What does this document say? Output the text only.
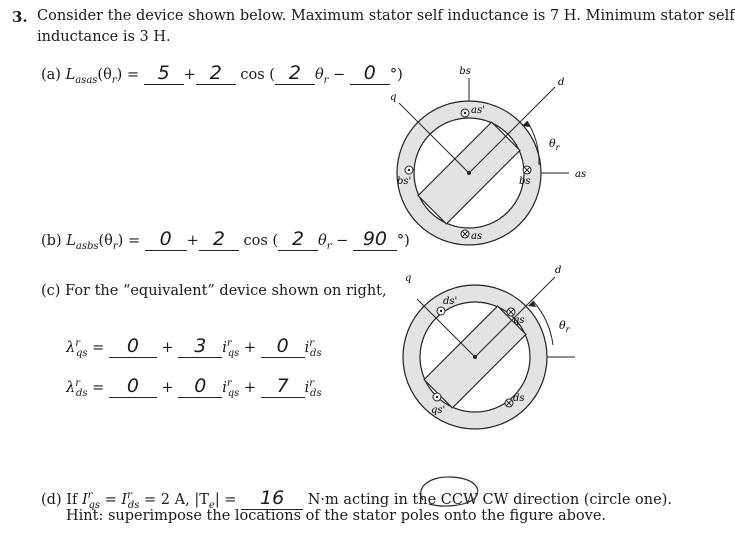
3. Consider the device shown below. Maximum stator self inductance is 7 H. Minimum stator self
inductance is 3 H.
(a) $L_{asas}(\theta_r) = 5 + 2$ cos ( 2 $\theta_r - 0$ °)
(b) $L_{asbs}(\theta_r) = 0 + 2$ cos ( 2 $\theta_r - 90$ °)
(c) For the “equivalent” device shown on right,
$\lambda^r_{qs} = 0 + 3$ $i^r_{qs} + 0$ $i^r_{ds}$
$\lambda^r_{ds} = 0 + 0$ $i^r_{qs} + 7$ $i^r_{ds}$
(d) If $I^r_{qs} = I^r_{ds} = 2$ A, $|T_e| = 16$ N·m acting in the CCW CW direction (circle one).
Hint: superimpose the locations of the stator poles onto the figure above.
bs
q
d
as'
$\theta_r$
as
bs'	bs
as
q
d
ds'
qs	$\theta_r$
qs'
ds
